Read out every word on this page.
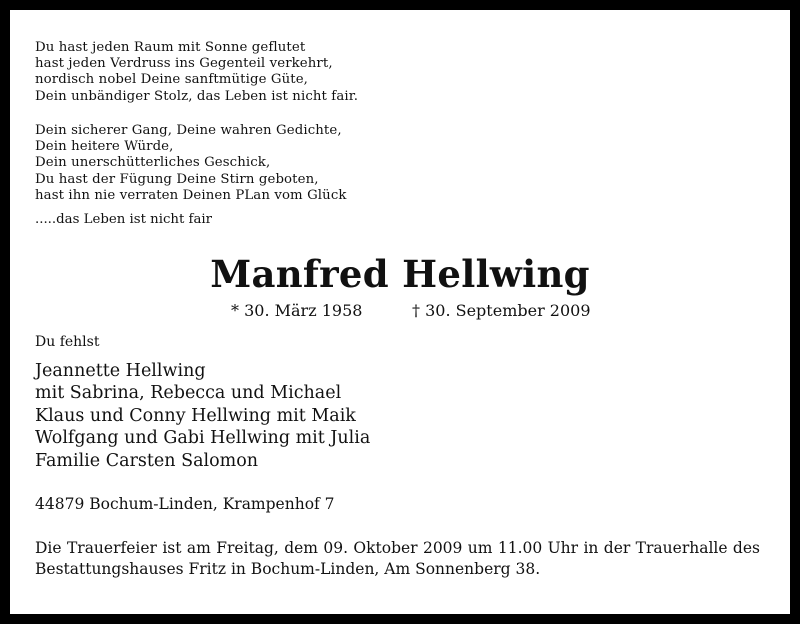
Du hast jeden Raum mit Sonne geflutet
hast jeden Verdruss ins Gegenteil verkehrt,
nordisch nobel Deine sanftmütige Güte,
Dein unbändiger Stolz, das Leben ist nicht fair.
Dein sicherer Gang, Deine wahren Gedichte,
Dein heitere Würde,
Dein unerschütterliches Geschick,
Du hast der Fügung Deine Stirn geboten,
hast ihn nie verraten Deinen PLan vom Glück
.....das Leben ist nicht fair
Manfred Hellwing
* 30. März 1958	† 30. September 2009
Du fehlst
Jeannette Hellwing
mit Sabrina, Rebecca und Michael
Klaus und Conny Hellwing mit Maik
Wolfgang und Gabi Hellwing mit Julia
Familie Carsten Salomon
44879 Bochum-Linden, Krampenhof 7
Die Trauerfeier ist am Freitag, dem 09. Oktober 2009 um 11.00 Uhr in der Trauerhalle des Bestattungshauses Fritz in Bochum-Linden, Am Sonnenberg 38.
